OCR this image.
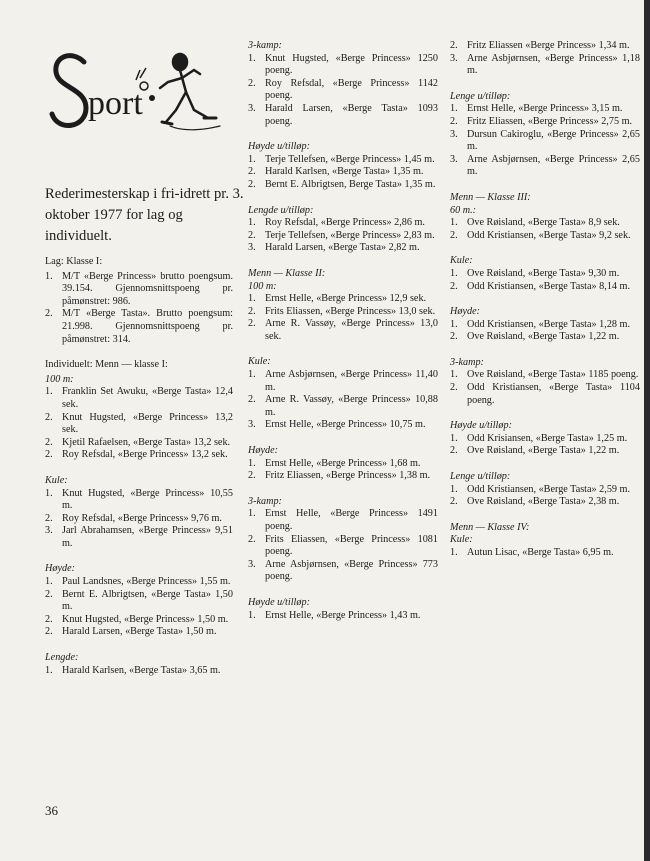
port
Rederimesterskap i fri-idrett pr. 3. oktober 1977 for lag og individuelt.

Lag: Klasse I:

1. M/T «Berge Princess» brutto poengsum. 39.154. Gjennomsnittspoeng pr. påmønstret: 986.
2. M/T «Berge Tasta». Brutto poengsum: 21.998. Gjennomsnittspoeng pr. påmønstret: 314.

Individuelt: Menn — klasse I:

100 m:

1. Franklin Set Awuku, «Berge Tasta» 12,4 sek.
2. Knut Hugsted, «Berge Princess» 13,2 sek.
2. Kjetil Rafaelsen, «Berge Tasta» 13,2 sek.
2. Roy Refsdal, «Berge Princess» 13,2 sek.

Kule:

1. Knut Hugsted, «Berge Princess» 10,55 m.
2. Roy Refsdal, «Berge Princess» 9,76 m.
3. Jarl Abrahamsen, «Berge Princess» 9,51 m.

Høyde:

1. Paul Landsnes, «Berge Princess» 1,55 m.
2. Bernt E. Albrigtsen, «Berge Tasta» 1,50 m.
2. Knut Hugsted, «Berge Princess» 1,50 m.
2. Harald Larsen, «Berge Tasta» 1,50 m.

Lengde:

1. Harald Karlsen, «Berge Tasta» 3,65 m.

3-kamp:

1. Knut Hugsted, «Berge Princess» 1250 poeng.
2. Roy Refsdal, «Berge Princess» 1142 poeng.
3. Harald Larsen, «Berge Tasta» 1093 poeng.

Høyde u/tilløp:

1. Terje Tellefsen, «Berge Princess» 1,45 m.
2. Harald Karlsen, «Berge Tasta» 1,35 m.
2. Bernt E. Albrigtsen, Berge Tasta» 1,35 m.

Lengde u/tilløp:

1. Roy Refsdal, «Berge Princess» 2,86 m.
2. Terje Tellefsen, «Berge Princess» 2,83 m.
3. Harald Larsen, «Berge Tasta» 2,82 m.

Menn — Klasse II:

100 m:

1. Ernst Helle, «Berge Princess» 12,9 sek.
2. Frits Eliassen, «Berge Princess» 13,0 sek.
2. Arne R. Vassøy, «Berge Princess» 13,0 sek.

Kule:

1. Arne Asbjørnsen, «Berge Princess» 11,40 m.
2. Arne R. Vassøy, «Berge Princess» 10,88 m.
3. Ernst Helle, «Berge Princess» 10,75 m.

Høyde:

1. Ernst Helle, «Berge Princess» 1,68 m.
2. Fritz Eliassen, «Berge Princess» 1,38 m.

3-kamp:

1. Ernst Helle, «Berge Princess» 1491 poeng.
2. Frits Eliassen, «Berge Princess» 1081 poeng.
3. Arne Asbjørnsen, «Berge Princess» 773 poeng.

Høyde u/tilløp:

1. Ernst Helle, «Berge Princess» 1,43 m.
2. Fritz Eliassen «Berge Princess» 1,34 m.
3. Arne Asbjørnsen, «Berge Princess» 1,18 m.

Lenge u/tilløp:

1. Ernst Helle, «Berge Princess» 3,15 m.
2. Fritz Eliassen, «Berge Princess» 2,75 m.
3. Dursun Cakiroglu, «Berge Princess» 2,65 m.
3. Arne Asbjørnsen, «Berge Princess» 2,65 m.

Menn — Klasse III:

60 m.:

1. Ove Røisland, «Berge Tasta» 8,9 sek.
2. Odd Kristiansen, «Berge Tasta» 9,2 sek.

Kule:

1. Ove Røisland, «Berge Tasta» 9,30 m.
2. Odd Kristiansen, «Berge Tasta» 8,14 m.

Høyde:

1. Odd Kristiansen, «Berge Tasta» 1,28 m.
2. Ove Røisland, «Berge Tasta» 1,22 m.

3-kamp:

1. Ove Røisland, «Berge Tasta» 1185 poeng.
2. Odd Kristiansen, «Berge Tasta» 1104 poeng.

Høyde u/tilløp:

1. Odd Krisiansen, «Berge Tasta» 1,25 m.
2. Ove Røisland, «Berge Tasta» 1,22 m.

Lenge u/tilløp:

1. Odd Kristiansen, «Berge Tasta» 2,59 m.
2. Ove Røisland, «Berge Tasta» 2,38 m.

Menn — Klasse IV:

Kule:

1. Autun Lisac, «Berge Tasta» 6,95 m.
36
